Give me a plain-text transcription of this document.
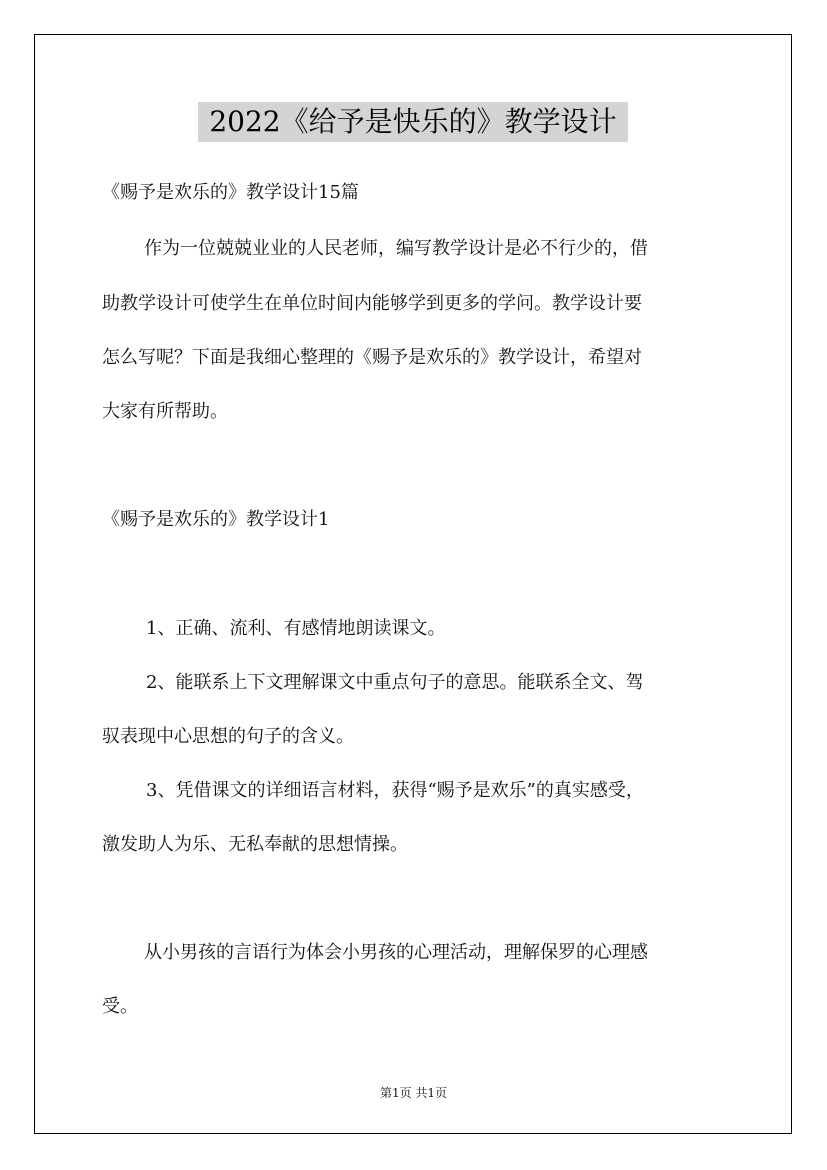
2022《给予是快乐的》教学设计
《赐予是欢乐的》教学设计15篇
作为一位兢兢业业的人民老师，编写教学设计是必不行少的，借
助教学设计可使学生在单位时间内能够学到更多的学问。教学设计要
怎么写呢？下面是我细心整理的《赐予是欢乐的》教学设计，希望对
大家有所帮助。
《赐予是欢乐的》教学设计1
1、正确、流利、有感情地朗读课文。
2、能联系上下文理解课文中重点句子的意思。能联系全文、驾
驭表现中心思想的句子的含义。
3、凭借课文的详细语言材料，获得“赐予是欢乐”的真实感受，
激发助人为乐、无私奉献的思想情操。
从小男孩的言语行为体会小男孩的心理活动，理解保罗的心理感
受。
第1页 共1页
